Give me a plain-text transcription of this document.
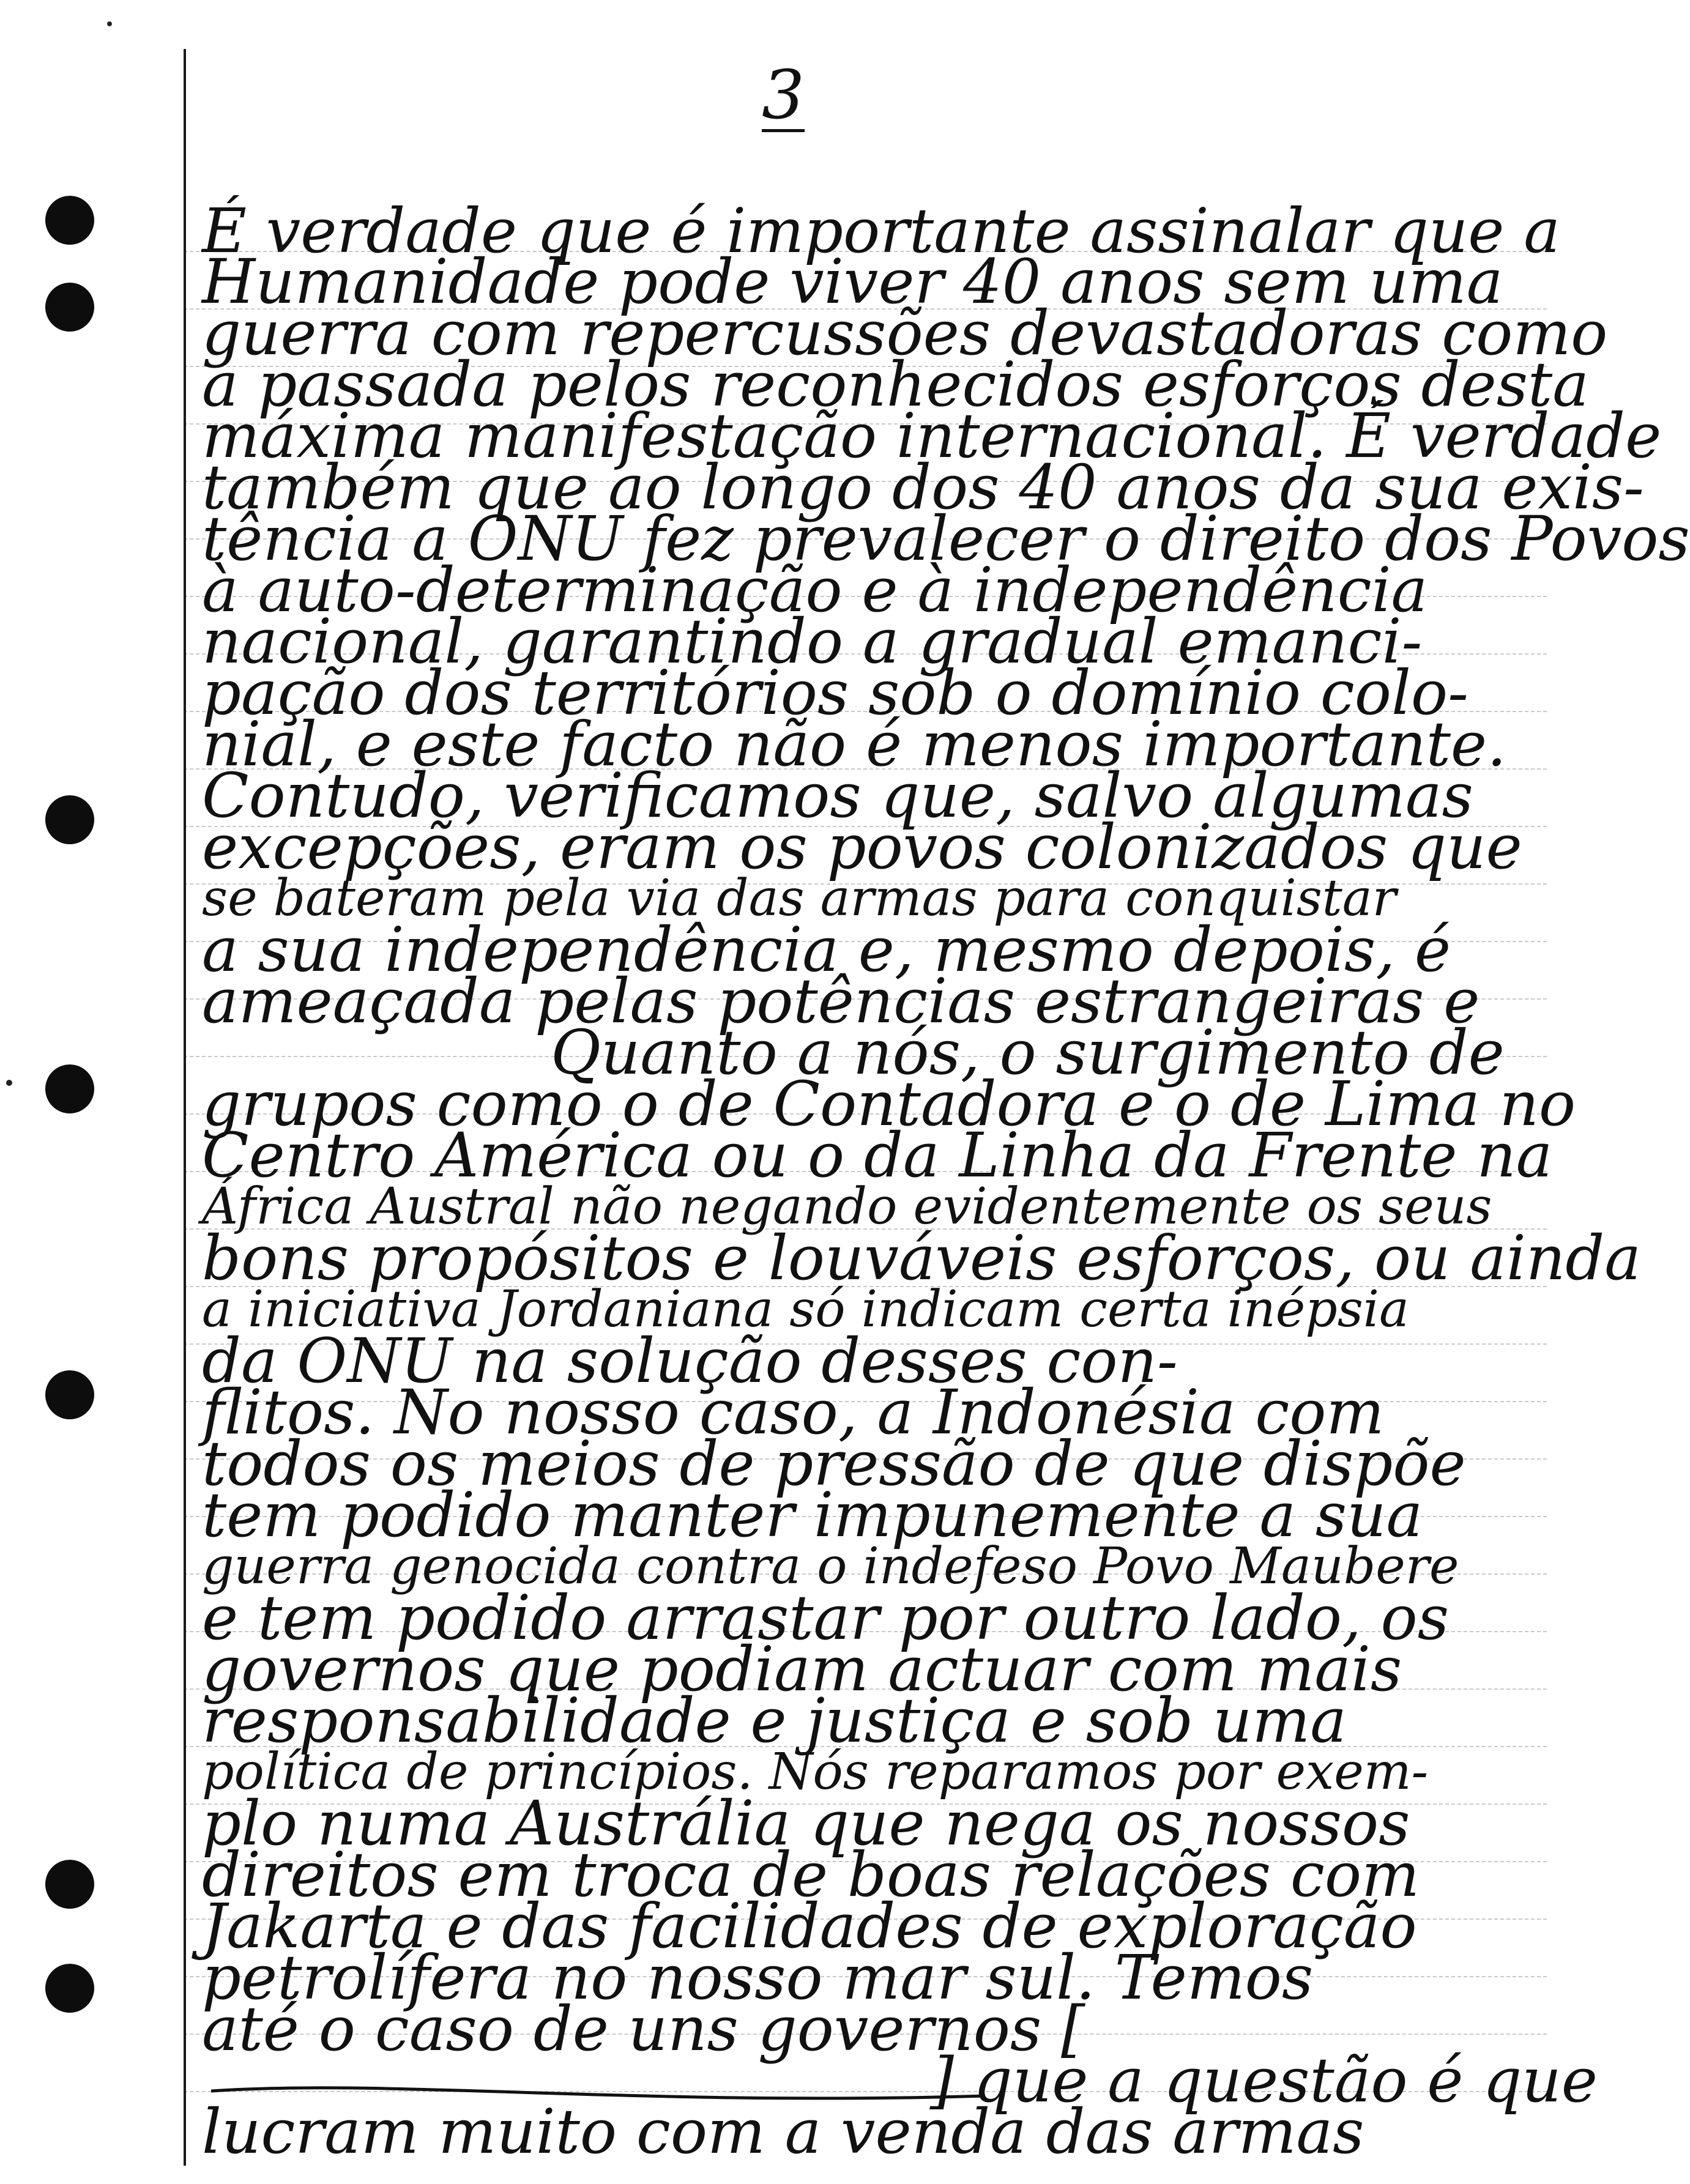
3
É verdade que é importante assinalar que a
Humanidade pode viver 40 anos sem uma
guerra com repercussões devastadoras como
a passada pelos reconhecidos esforços desta
máxima manifestação internacional. É verdade
também que ao longo dos 40 anos da sua exis-
tência a ONU fez prevalecer o direito dos Povos
à auto-determinação e à independência
nacional, garantindo a gradual emanci-
pação dos territórios sob o domínio colo-
nial, e este facto não é menos importante.
Contudo, verificamos que, salvo algumas
excepções, eram os povos colonizados que
se bateram pela via das armas para conquistar
a sua independência e, mesmo depois, é
ameaçada pelas potências estrangeiras e
Quanto a nós, o surgimento de
grupos como o de Contadora e o de Lima no
Centro América ou o da Linha da Frente na
África Austral não negando evidentemente os seus
bons propósitos e louváveis esforços, ou ainda
a iniciativa Jordaniana só indicam certa inépsia
da ONU na solução desses con-
flitos. No nosso caso, a Indonésia com
todos os meios de pressão de que dispõe
tem podido manter impunemente a sua
guerra genocida contra o indefeso Povo Maubere
e tem podido arrastar por outro lado, os
governos que podiam actuar com mais
responsabilidade e justiça e sob uma
política de princípios. Nós reparamos por exem-
plo numa Austrália que nega os nossos
direitos em troca de boas relações com
Jakarta e das facilidades de exploração
petrolífera no nosso mar sul. Temos
até o caso de uns governos [
] que a questão é que
lucram muito com a venda das armas
